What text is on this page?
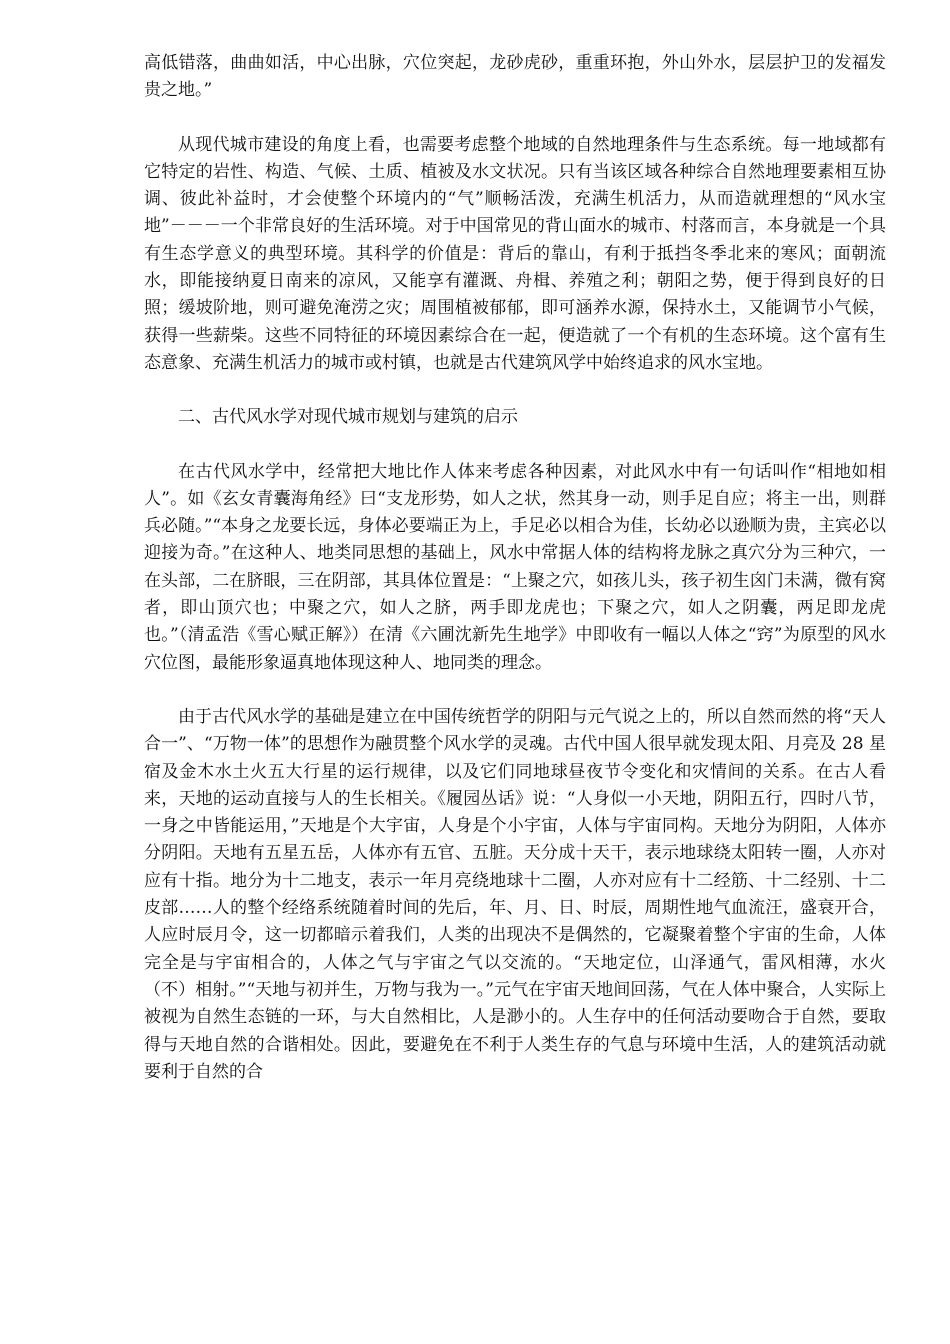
高低错落，曲曲如活，中心出脉，穴位突起，龙砂虎砂，重重环抱，外山外水，层层护卫的发福发贵之地。”

从现代城市建设的角度上看，也需要考虑整个地域的自然地理条件与生态系统。每一地域都有它特定的岩性、构造、气候、土质、植被及水文状况。只有当该区域各种综合自然地理要素相互协调、彼此补益时，才会使整个环境内的“气”顺畅活泼，充满生机活力，从而造就理想的“风水宝地”－－－一个非常良好的生活环境。对于中国常见的背山面水的城市、村落而言，本身就是一个具有生态学意义的典型环境。其科学的价值是：背后的靠山，有利于抵挡冬季北来的寒风；面朝流水，即能接纳夏日南来的凉风，又能享有灌溉、舟楫、养殖之利；朝阳之势，便于得到良好的日照；缓坡阶地，则可避免淹涝之灾；周围植被郁郁，即可涵养水源，保持水土，又能调节小气候，获得一些薪柴。这些不同特征的环境因素综合在一起，便造就了一个有机的生态环境。这个富有生态意象、充满生机活力的城市或村镇，也就是古代建筑风学中始终追求的风水宝地。

二、古代风水学对现代城市规划与建筑的启示

在古代风水学中，经常把大地比作人体来考虑各种因素，对此风水中有一句话叫作“相地如相人”。如《玄女青囊海角经》曰“支龙形势，如人之状，然其身一动，则手足自应；将主一出，则群兵必随。”“本身之龙要长远，身体必要端正为上，手足必以相合为佳，长幼必以逊顺为贵，主宾必以迎接为奇。”在这种人、地类同思想的基础上，风水中常据人体的结构将龙脉之真穴分为三种穴，一在头部，二在脐眼，三在阴部，其具体位置是：“上聚之穴，如孩儿头，孩子初生囟门未满，微有窝者，即山顶穴也；中聚之穴，如人之脐，两手即龙虎也；下聚之穴，如人之阴囊，两足即龙虎也。”（清孟浩《雪心赋正解》）在清《六圃沈新先生地学》中即收有一幅以人体之“窍”为原型的风水穴位图，最能形象逼真地体现这种人、地同类的理念。

由于古代风水学的基础是建立在中国传统哲学的阴阳与元气说之上的，所以自然而然的将“天人合一”、“万物一体”的思想作为融贯整个风水学的灵魂。古代中国人很早就发现太阳、月亮及 28 星宿及金木水土火五大行星的运行规律，以及它们同地球昼夜节令变化和灾情间的关系。在古人看来，天地的运动直接与人的生长相关。《履园丛话》说：“人身似一小天地，阴阳五行，四时八节，一身之中皆能运用，”天地是个大宇宙，人身是个小宇宙，人体与宇宙同构。天地分为阴阳，人体亦分阴阳。天地有五星五岳，人体亦有五官、五脏。天分成十天干，表示地球绕太阳转一圈，人亦对应有十指。地分为十二地支，表示一年月亮绕地球十二圈，人亦对应有十二经筋、十二经别、十二皮部……人的整个经络系统随着时间的先后，年、月、日、时辰，周期性地气血流汪，盛衰开合，人应时辰月令，这一切都暗示着我们，人类的出现决不是偶然的，它凝聚着整个宇宙的生命，人体完全是与宇宙相合的，人体之气与宇宙之气以交流的。“天地定位，山泽通气，雷风相薄，水火（不）相射。”“天地与初并生，万物与我为一。”元气在宇宙天地间回荡，气在人体中聚合，人实际上被视为自然生态链的一环，与大自然相比，人是渺小的。人生存中的任何活动要吻合于自然，要取得与天地自然的合谐相处。因此，要避免在不利于人类生存的气息与环境中生活，人的建筑活动就要利于自然的合
